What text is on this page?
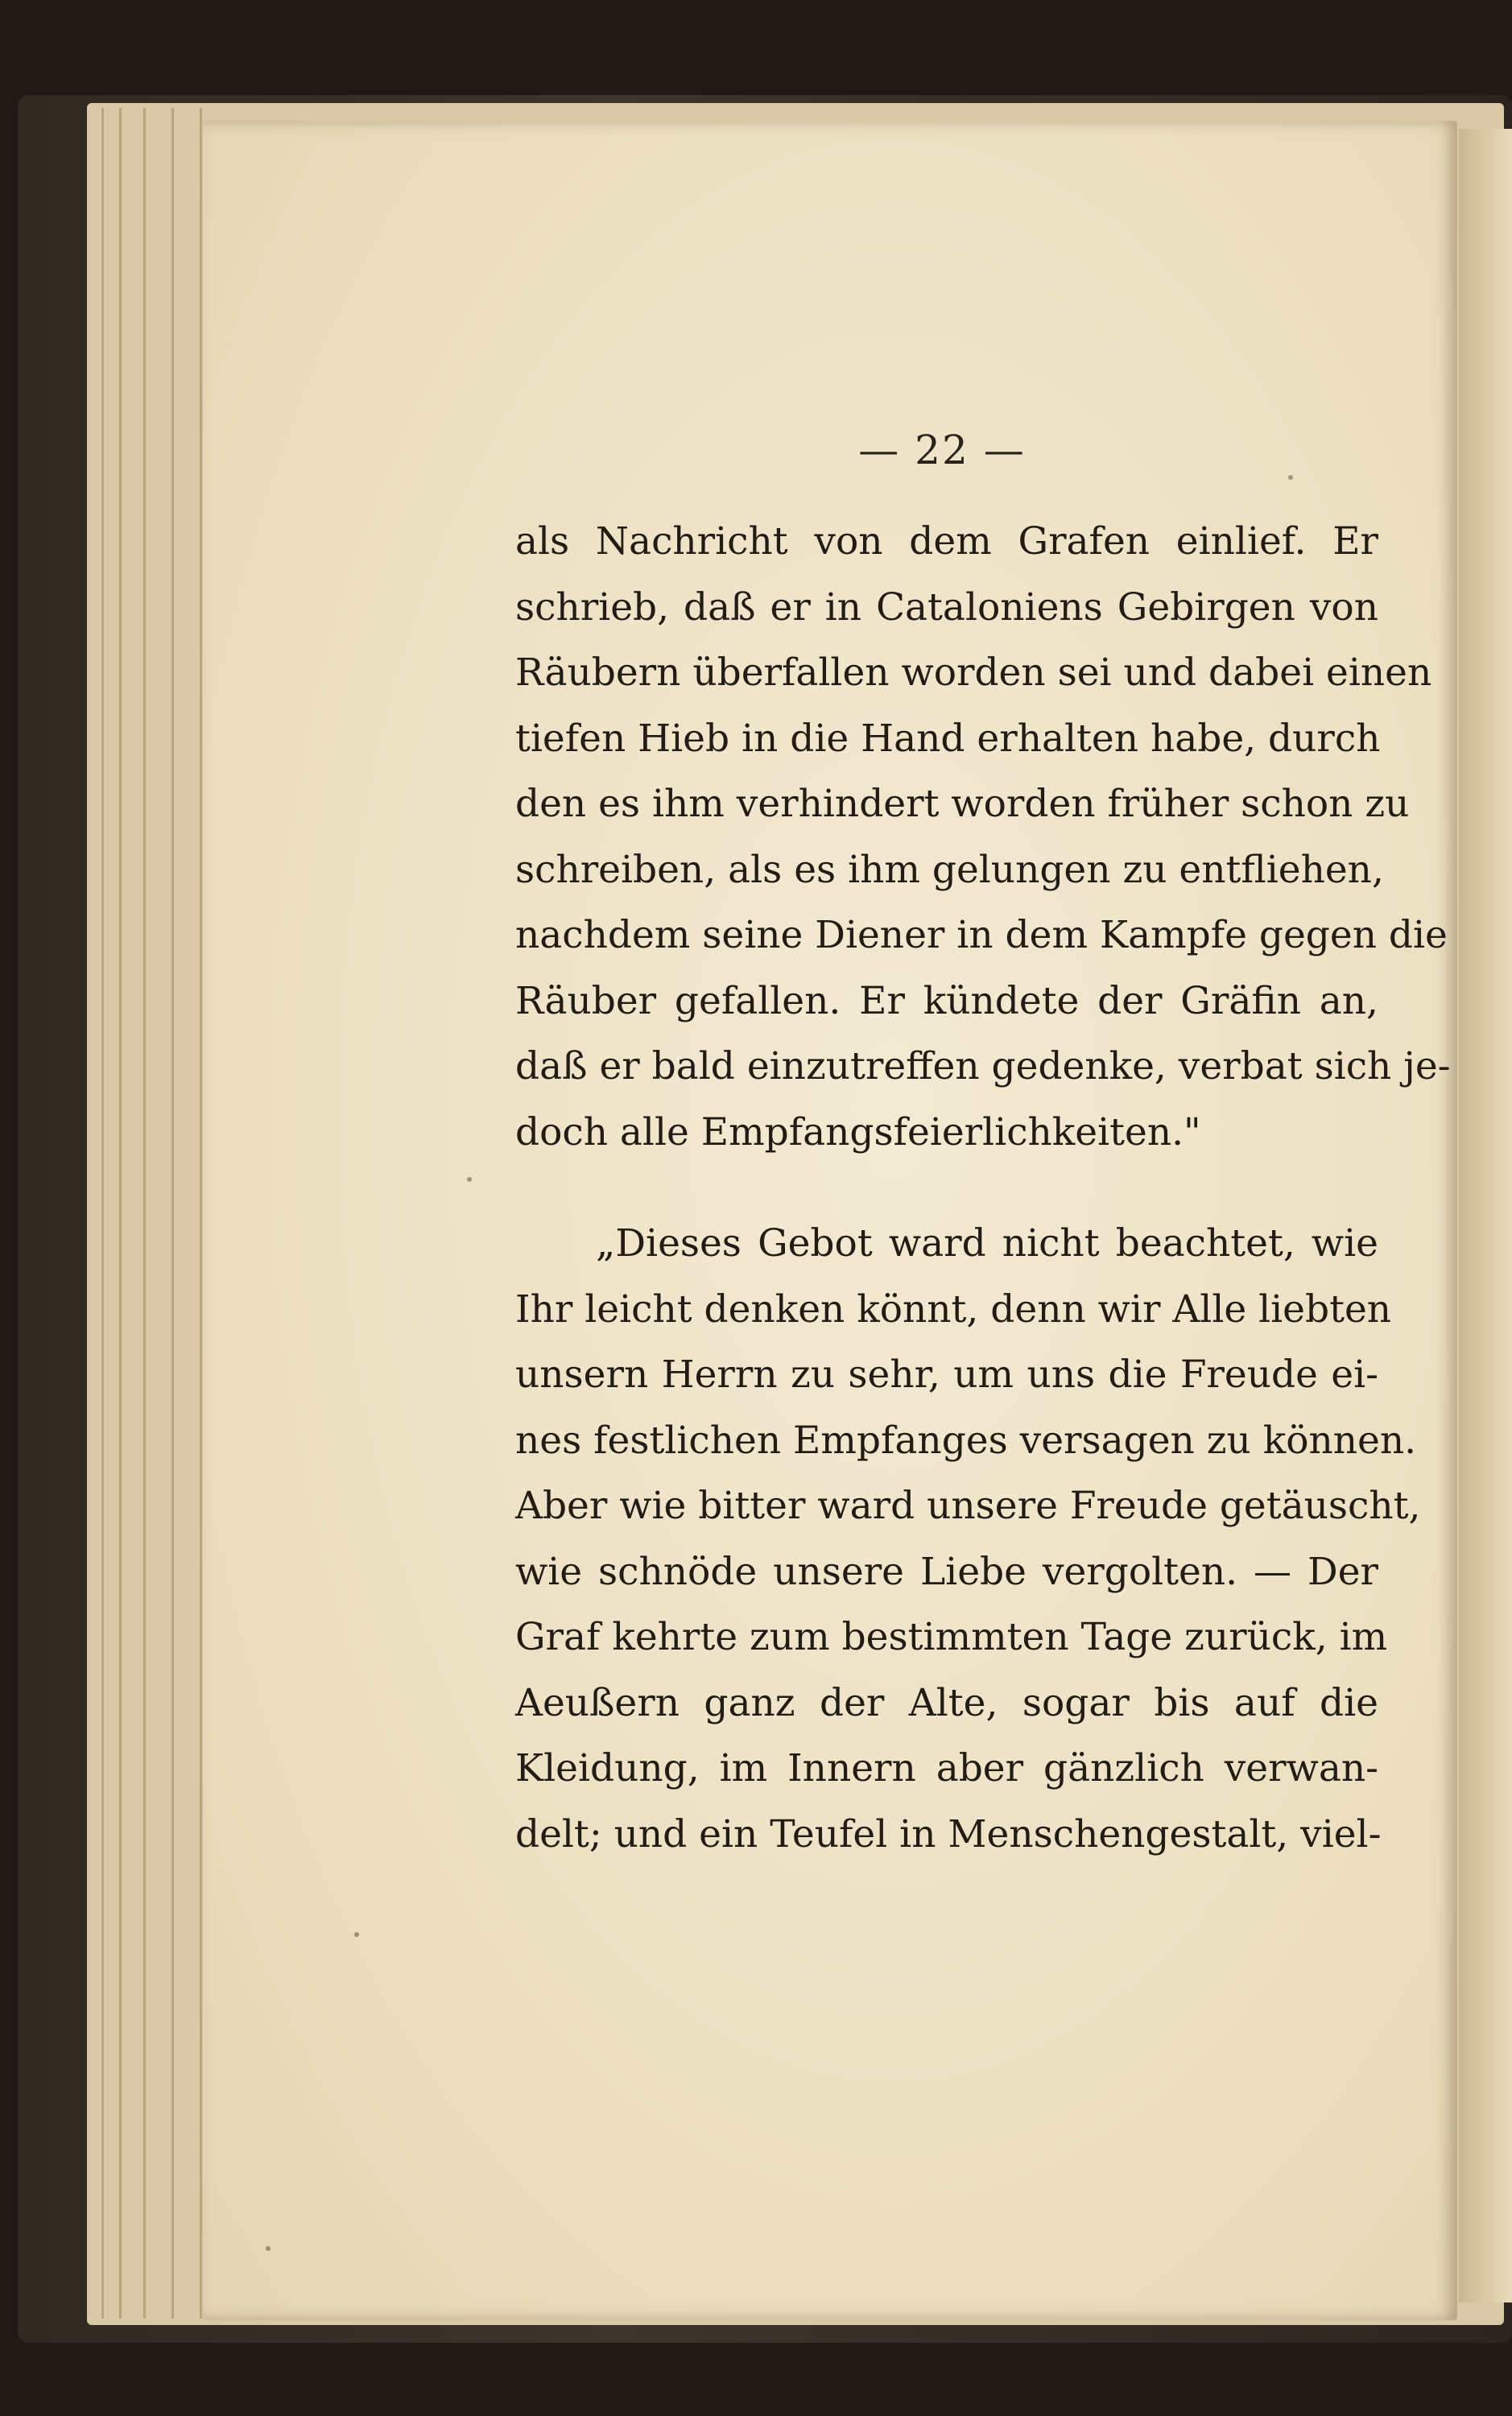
— 22 —
als Nachricht von dem Grafen einlief. Er
schrieb, daß er in Cataloniens Gebirgen von
Räubern überfallen worden sei und dabei einen
tiefen Hieb in die Hand erhalten habe, durch
den es ihm verhindert worden früher schon zu
schreiben, als es ihm gelungen zu entfliehen,
nachdem seine Diener in dem Kampfe gegen die
Räuber gefallen. Er kündete der Gräfin an,
daß er bald einzutreffen gedenke, verbat sich je-
doch alle Empfangsfeierlichkeiten."
„Dieses Gebot ward nicht beachtet, wie
Ihr leicht denken könnt, denn wir Alle liebten
unsern Herrn zu sehr, um uns die Freude ei-
nes festlichen Empfanges versagen zu können.
Aber wie bitter ward unsere Freude getäuscht,
wie schnöde unsere Liebe vergolten. — Der
Graf kehrte zum bestimmten Tage zurück, im
Aeußern ganz der Alte, sogar bis auf die
Kleidung, im Innern aber gänzlich verwan-
delt; und ein Teufel in Menschengestalt, viel-
